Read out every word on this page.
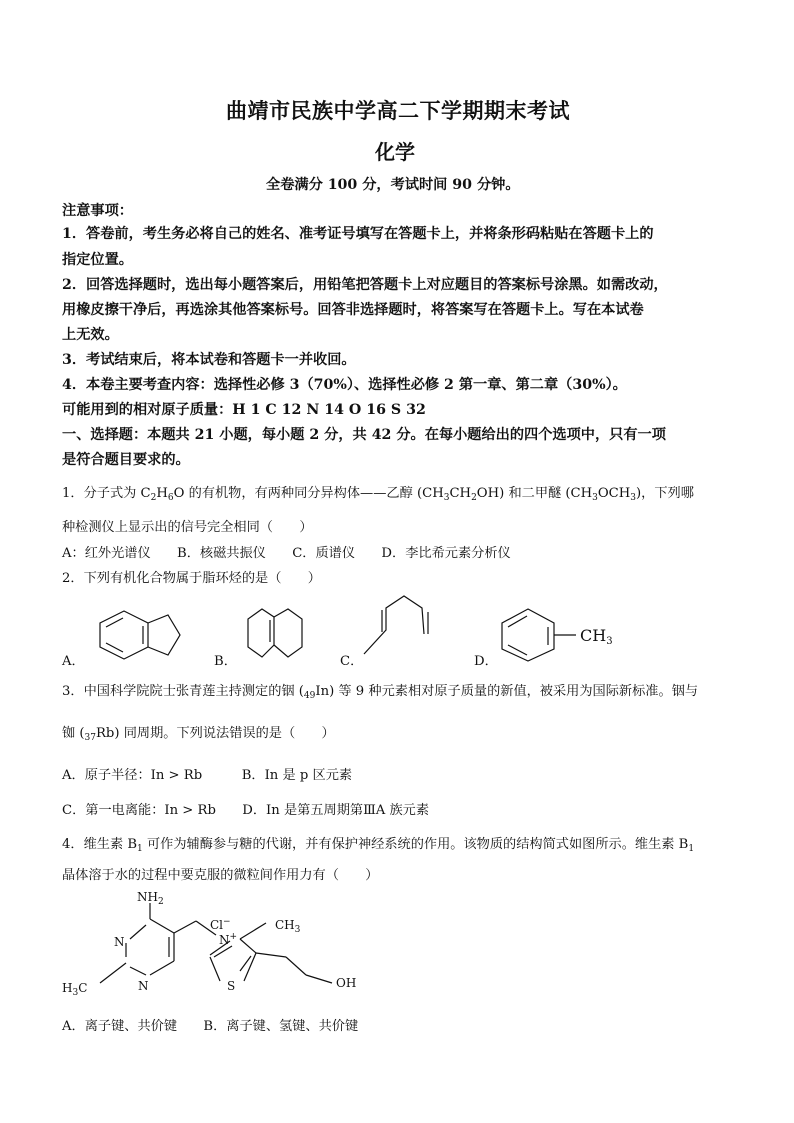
曲靖市民族中学高二下学期期末考试
化学
全卷满分 100 分，考试时间 90 分钟。
注意事项：
1．答卷前，考生务必将自己的姓名、准考证号填写在答题卡上，并将条形码粘贴在答题卡上的
指定位置。
2．回答选择题时，选出每小题答案后，用铅笔把答题卡上对应题目的答案标号涂黑。如需改动，
用橡皮擦干净后，再选涂其他答案标号。回答非选择题时，将答案写在答题卡上。写在本试卷
上无效。
3．考试结束后，将本试卷和答题卡一并收回。
4．本卷主要考查内容：选择性必修 3（70%）、选择性必修 2 第一章、第二章（30%）。
可能用到的相对原子质量：H 1 C 12 N 14 O 16 S 32
一、选择题：本题共 21 小题，每小题 2 分，共 42 分。在每小题给出的四个选项中，只有一项
是符合题目要求的。
1．分子式为 $C_2H_6O$ 的有机物，有两种同分异构体——乙醇 $(CH_3CH_2OH)$ 和二甲醚 $(CH_3OCH_3)$，下列哪
种检测仪上显示出的信号完全相同（　　）
A：红外光谱仪　　B．核磁共振仪　　C．质谱仪　　D．李比希元素分析仪
2．下列有机化合物属于脂环烃的是（　　）
A．	B．	C．	D．
$CH_3$
3．中国科学院院士张青莲主持测定的铟 $(_{49}In)$ 等 9 种元素相对原子质量的新值，被采用为国际新标准。铟与
铷 $(_{37}Rb)$ 同周期。下列说法错误的是（　　）
A．原子半径：In > Rb　　　B．In 是 p 区元素
C．第一电离能：In > Rb　　D．In 是第五周期第ⅢA 族元素
4．维生素 $B_1$ 可作为辅酶参与糖的代谢，并有保护神经系统的作用。该物质的结构简式如图所示。维生素 $B_1$
晶体溶于水的过程中要克服的微粒间作用力有（　　）
$NH_2$
N
N
$H_3C$
Cl−
N+
$CH_3$
S	OH
A．离子键、共价键　　B．离子键、氢键、共价键
